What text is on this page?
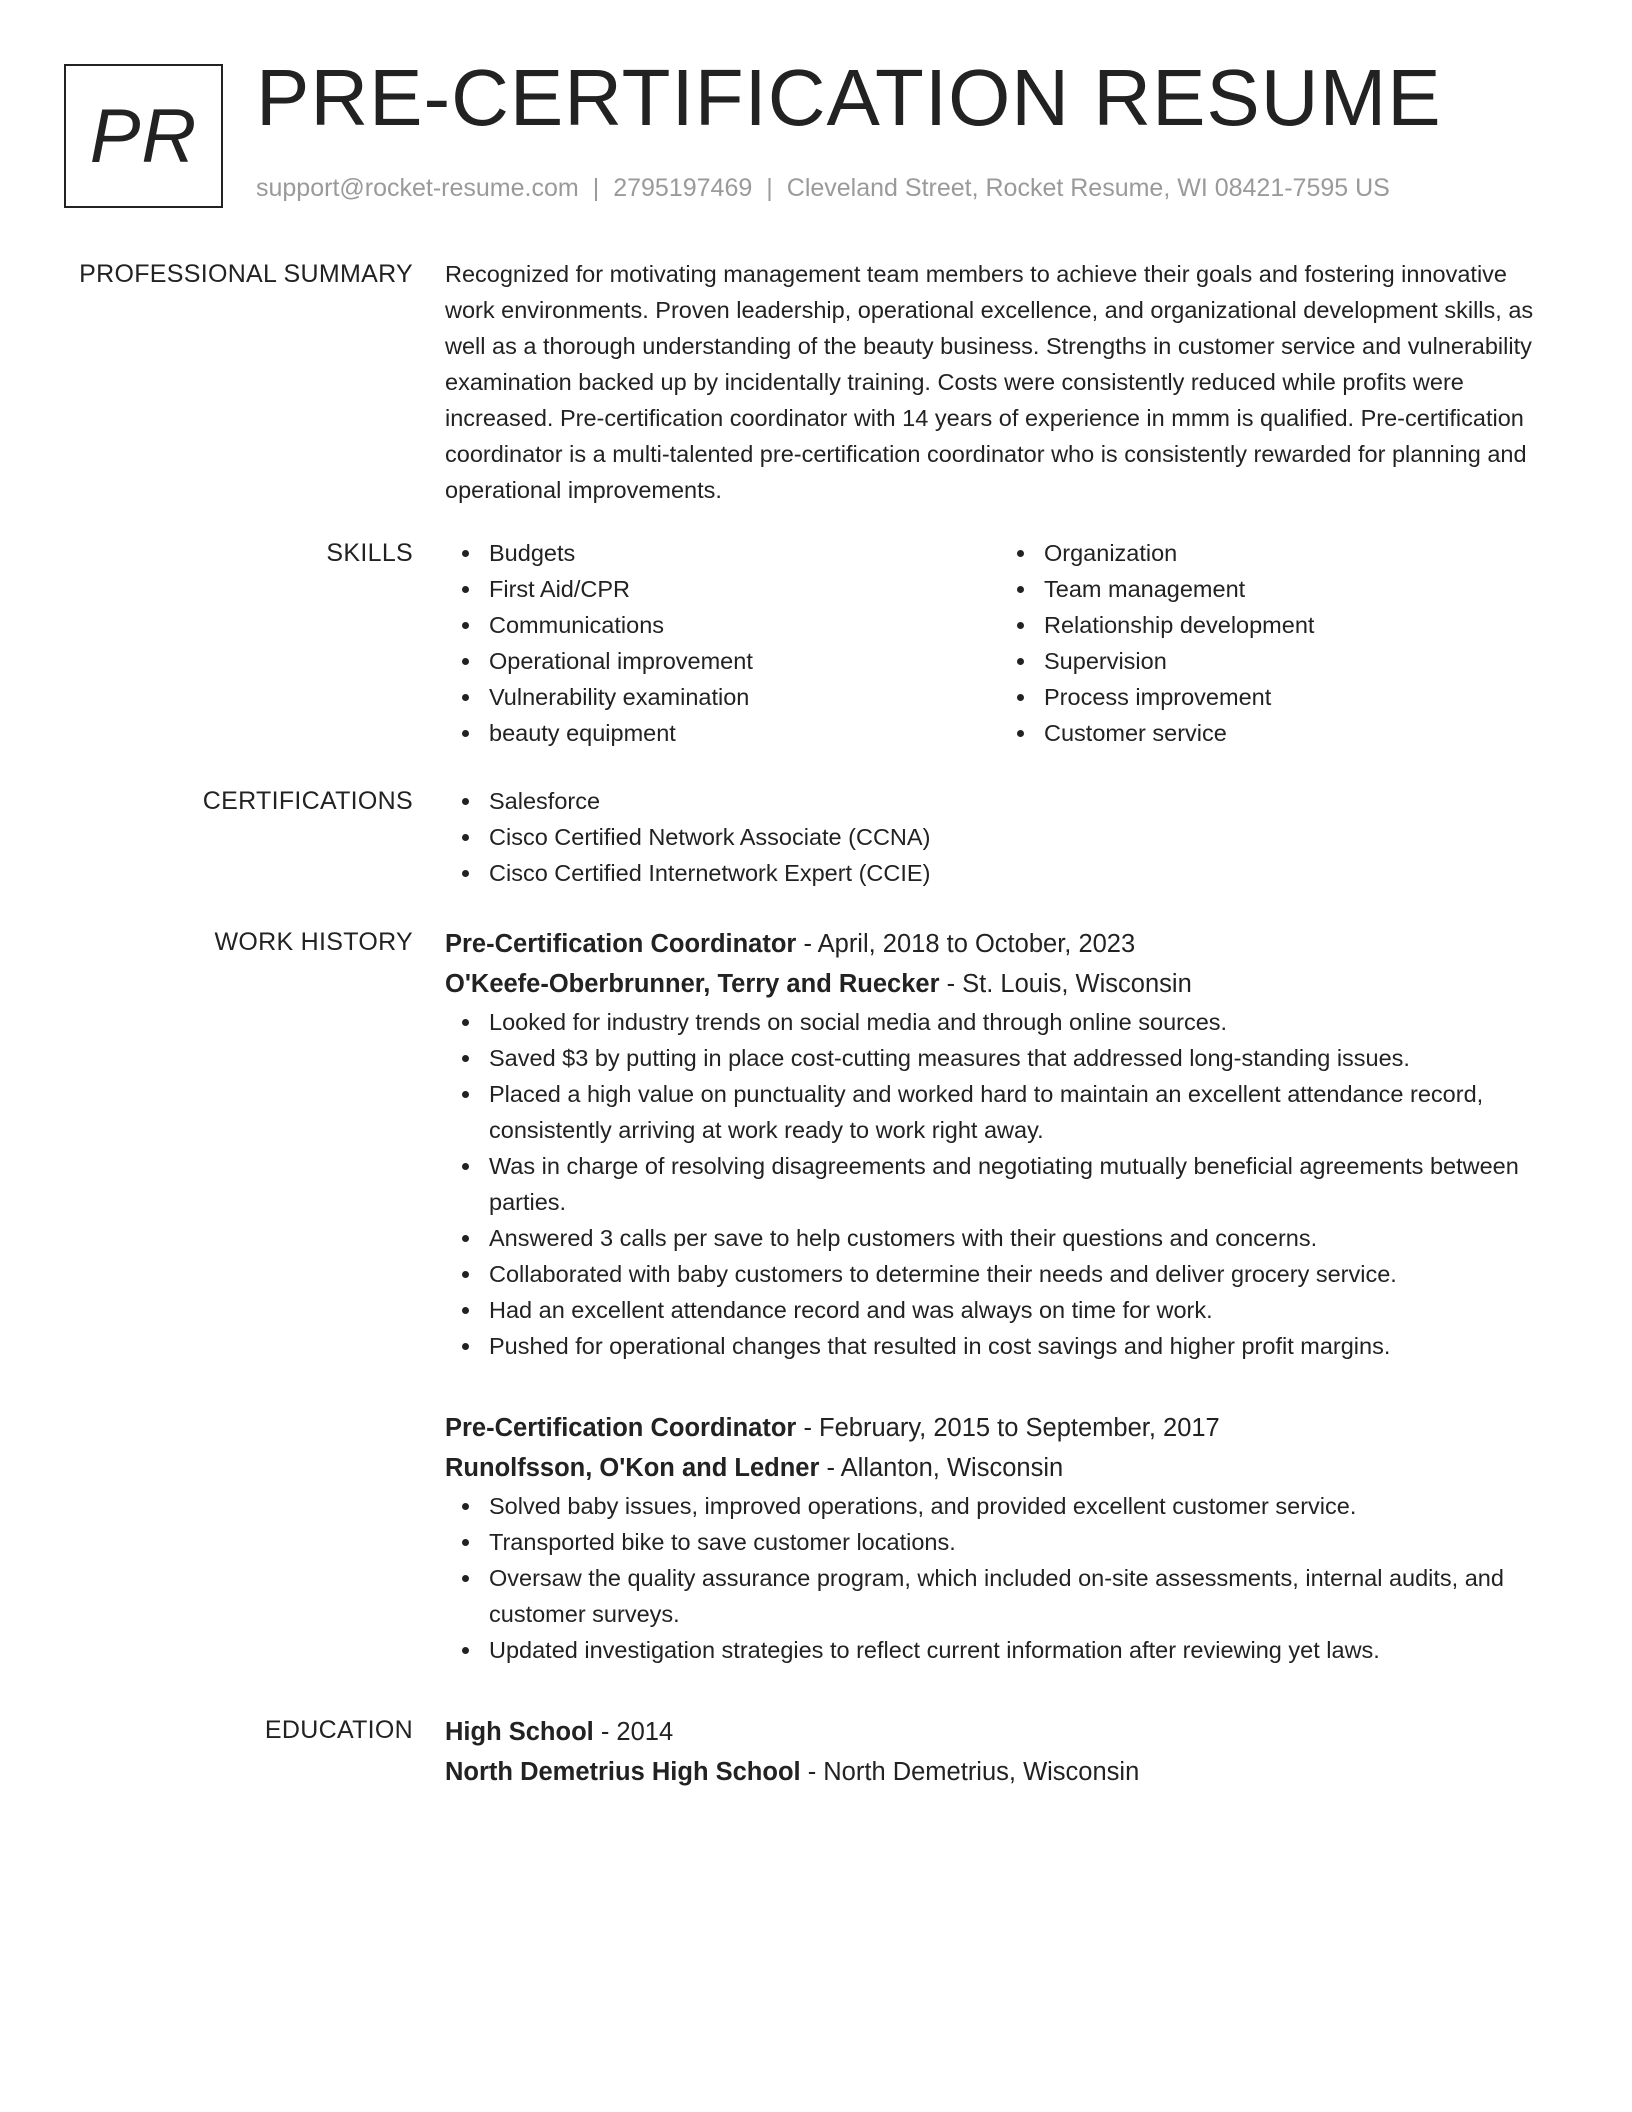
PR PRE-CERTIFICATION RESUME
support@rocket-resume.com | 2795197469 | Cleveland Street, Rocket Resume, WI 08421-7595 US
PROFESSIONAL SUMMARY Recognized for motivating management team members to achieve their goals and fostering innovative work environments. Proven leadership, operational excellence, and organizational development skills, as well as a thorough understanding of the beauty business. Strengths in customer service and vulnerability examination backed up by incidentally training. Costs were consistently reduced while profits were increased. Pre-certification coordinator with 14 years of experience in mmm is qualified. Pre-certification coordinator is a multi-talented pre-certification coordinator who is consistently rewarded for planning and operational improvements.

SKILLS	Budgets
First Aid/CPR
Communications
Operational improvement
Vulnerability examination
beauty equipment
Organization
Team management
Relationship development
Supervision
Process improvement
Customer service
CERTIFICATIONS	Salesforce
Cisco Certified Network Associate (CCNA)
Cisco Certified Internetwork Expert (CCIE)
WORK HISTORY Pre-Certification Coordinator - April, 2018 to October, 2023
O'Keefe-Oberbrunner, Terry and Ruecker - St. Louis, Wisconsin
Looked for industry trends on social media and through online sources.
Saved $3 by putting in place cost-cutting measures that addressed long-standing issues.
Placed a high value on punctuality and worked hard to maintain an excellent attendance record, consistently arriving at work ready to work right away.
Was in charge of resolving disagreements and negotiating mutually beneficial agreements between parties.
Answered 3 calls per save to help customers with their questions and concerns.
Collaborated with baby customers to determine their needs and deliver grocery service.
Had an excellent attendance record and was always on time for work.
Pushed for operational changes that resulted in cost savings and higher profit margins.
Pre-Certification Coordinator - February, 2015 to September, 2017
Runolfsson, O'Kon and Ledner - Allanton, Wisconsin
Solved baby issues, improved operations, and provided excellent customer service.
Transported bike to save customer locations.
Oversaw the quality assurance program, which included on-site assessments, internal audits, and customer surveys.
Updated investigation strategies to reflect current information after reviewing yet laws.
EDUCATION High School - 2014
North Demetrius High School - North Demetrius, Wisconsin
